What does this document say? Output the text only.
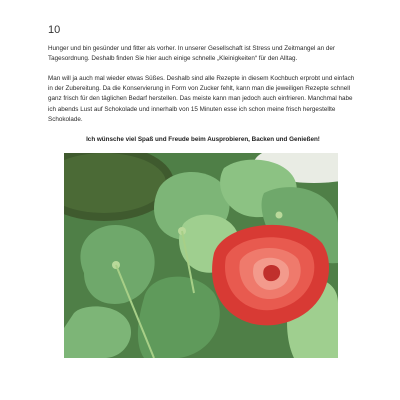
10
Hunger und bin gesünder und fitter als vorher. In unserer Gesellschaft ist Stress und Zeitmangel an der Tagesordnung. Deshalb finden Sie hier auch einige schnelle „Kleinigkeiten“ für den Alltag.
Man will ja auch mal wieder etwas Süßes. Deshalb sind alle Rezepte in diesem Kochbuch erprobt und einfach in der Zubereitung. Da die Konservierung in Form von Zucker fehlt, kann man die jeweiligen Rezepte schnell ganz frisch für den täglichen Bedarf herstellen. Das meiste kann man jedoch auch einfrieren. Manchmal habe ich abends Lust auf Schokolade und innerhalb von 15 Minuten esse ich schon meine frisch hergestellte Schokolade.
Ich wünsche viel Spaß und Freude beim Ausprobieren, Backen und Genießen!
